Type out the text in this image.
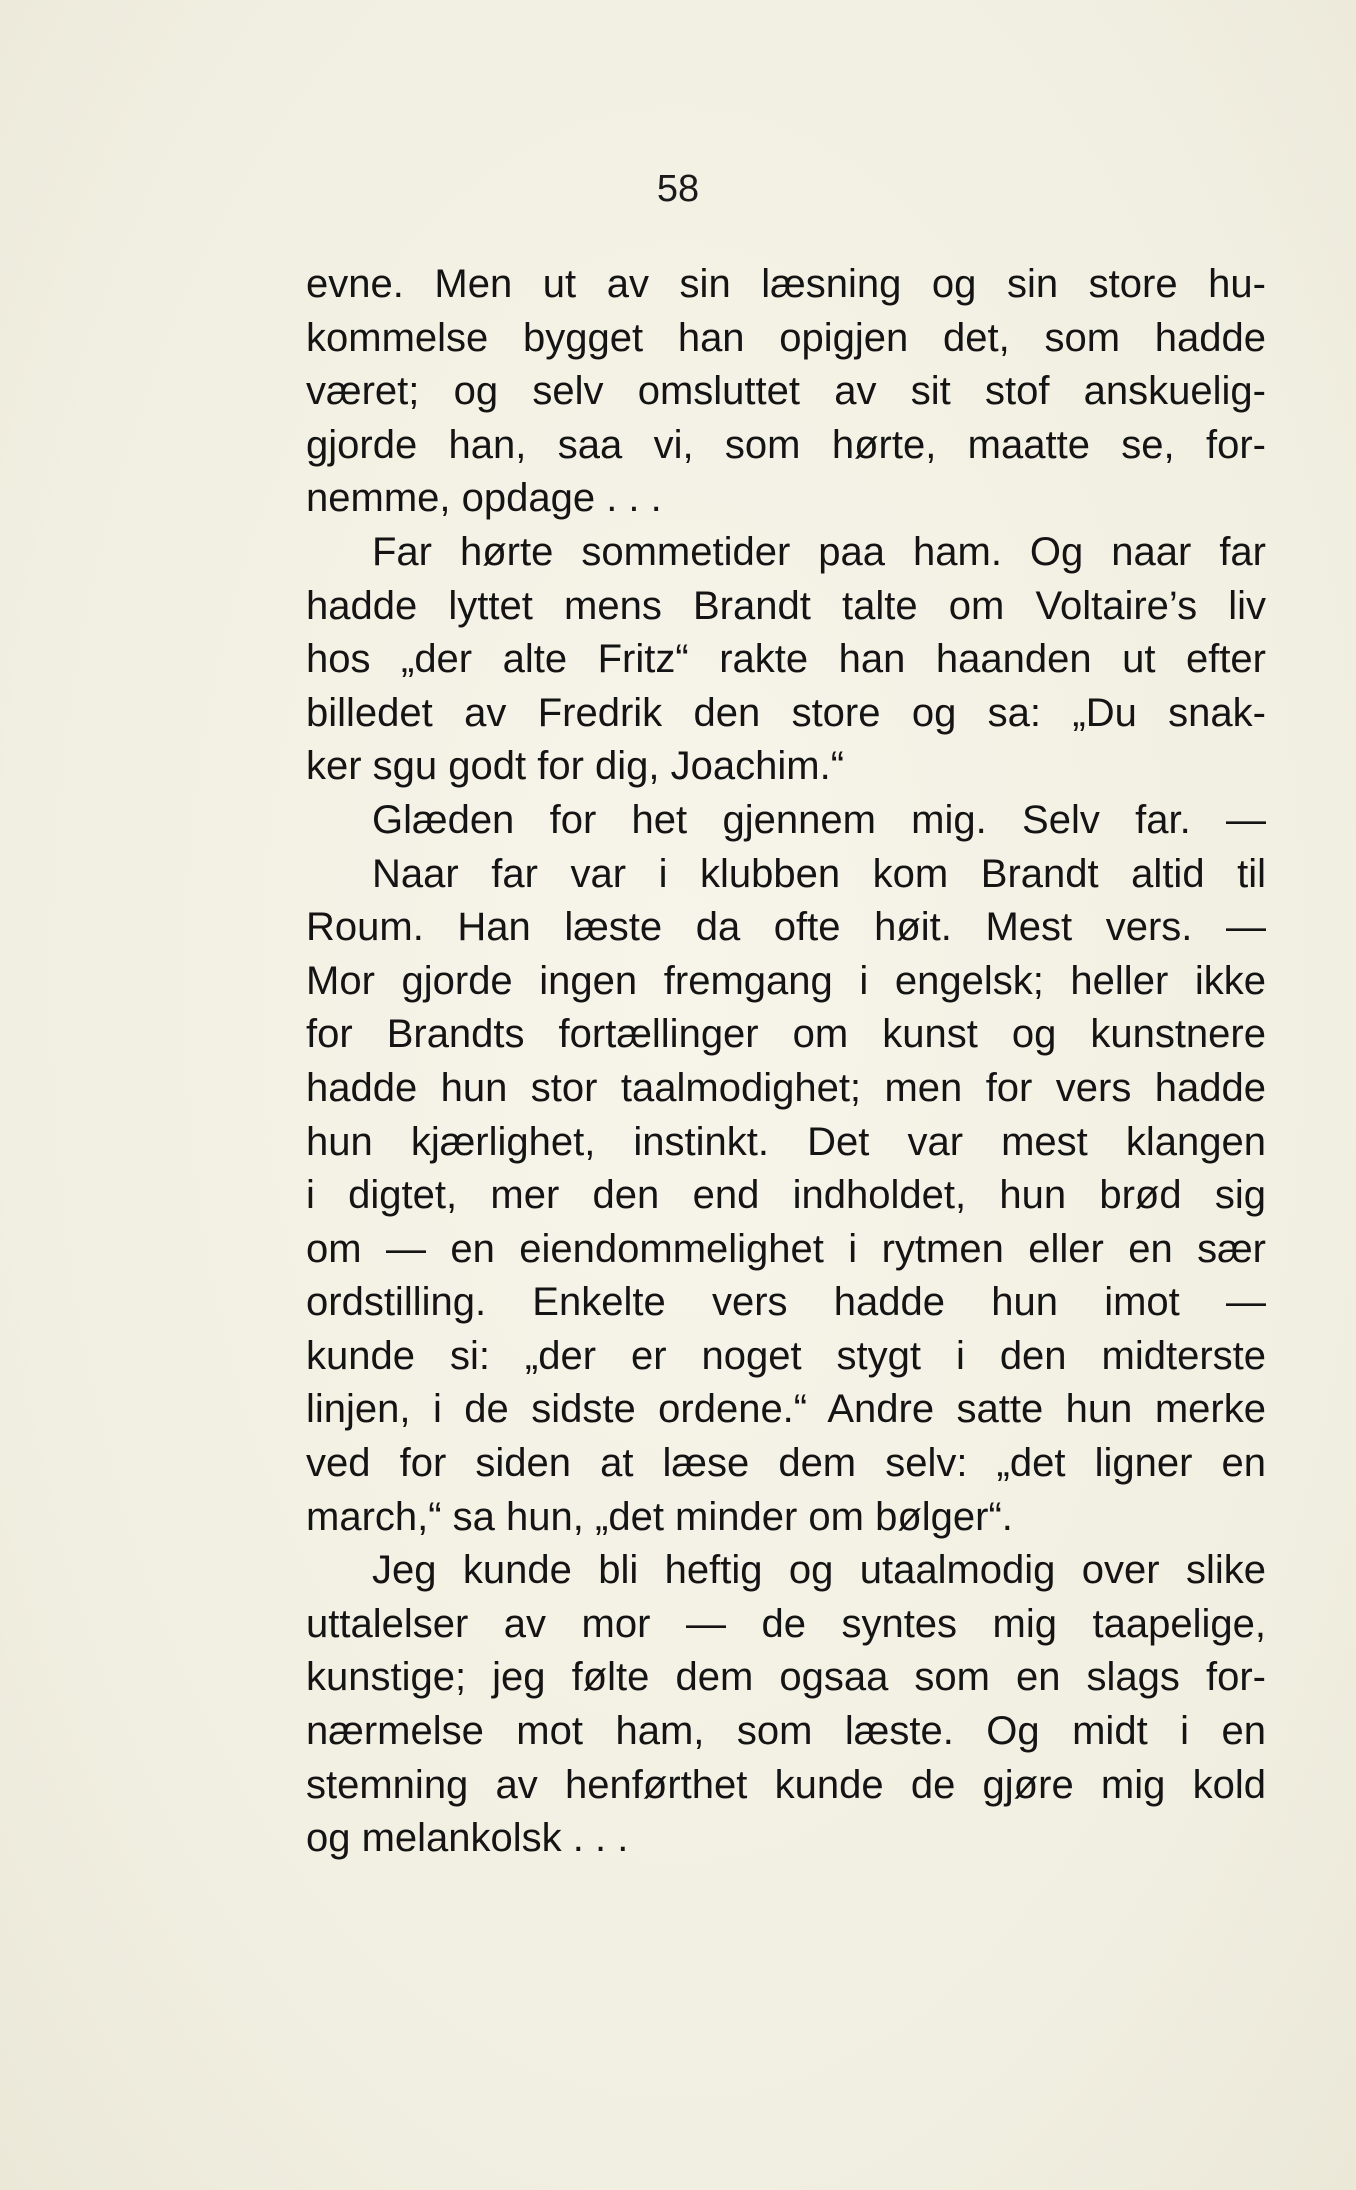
58
evne. Men ut av sin læsning og sin store hu-
kommelse bygget han opigjen det, som hadde
været; og selv omsluttet av sit stof anskuelig-
gjorde han, saa vi, som hørte, maatte se, for-
nemme, opdage . . .
Far hørte sommetider paa ham. Og naar far
hadde lyttet mens Brandt talte om Voltaire’s liv
hos „der alte Fritz“ rakte han haanden ut efter
billedet av Fredrik den store og sa: „Du snak-
ker sgu godt for dig, Joachim.“
Glæden for het gjennem mig. Selv far. —
Naar far var i klubben kom Brandt altid til
Roum. Han læste da ofte høit. Mest vers. —
Mor gjorde ingen fremgang i engelsk; heller ikke
for Brandts fortællinger om kunst og kunstnere
hadde hun stor taalmodighet; men for vers hadde
hun kjærlighet, instinkt. Det var mest klangen
i digtet, mer den end indholdet, hun brød sig
om — en eiendommelighet i rytmen eller en sær
ordstilling. Enkelte vers hadde hun imot —
kunde si: „der er noget stygt i den midterste
linjen, i de sidste ordene.“ Andre satte hun merke
ved for siden at læse dem selv: „det ligner en
march,“ sa hun, „det minder om bølger“.
Jeg kunde bli heftig og utaalmodig over slike
uttalelser av mor — de syntes mig taapelige,
kunstige; jeg følte dem ogsaa som en slags for-
nærmelse mot ham, som læste. Og midt i en
stemning av henførthet kunde de gjøre mig kold
og melankolsk . . .
